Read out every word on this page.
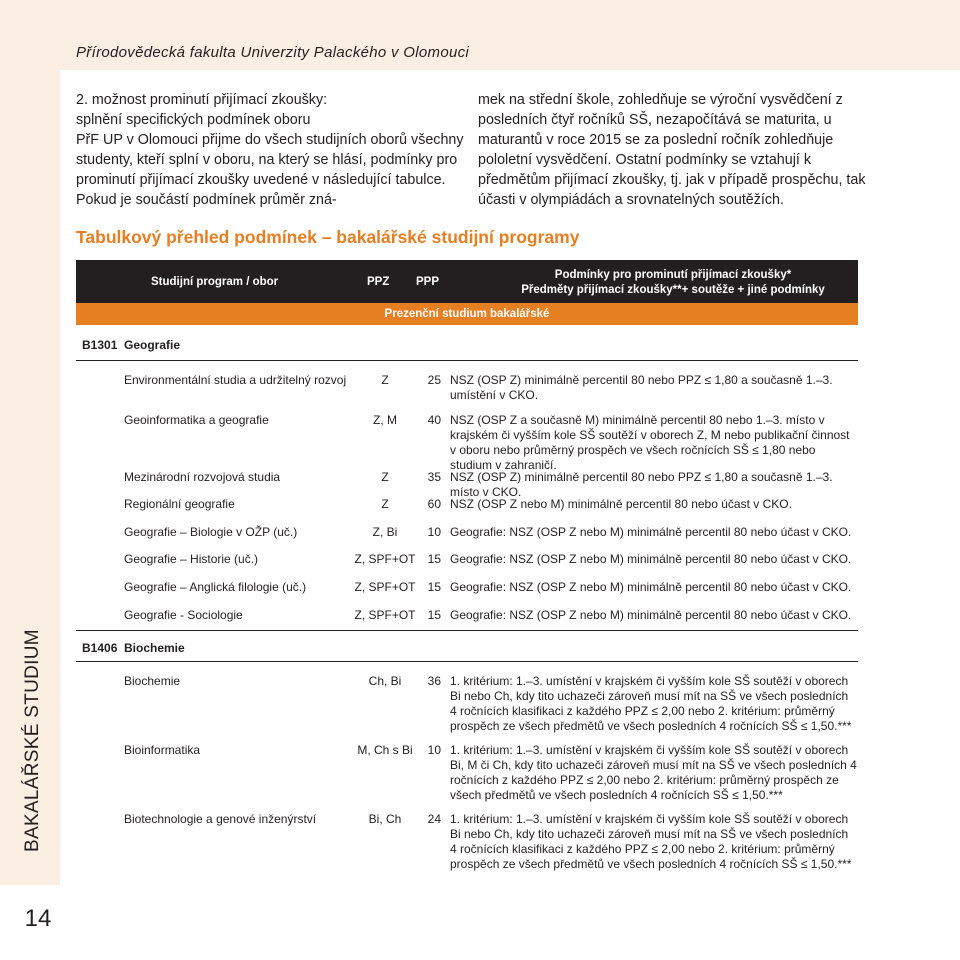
Přírodovědecká fakulta Univerzity Palackého v Olomouci
BAKALÁŘSKÉ STUDIUM
14
2. možnost prominutí přijímací zkoušky:
splnění specifických podmínek oboru
PřF UP v Olomouci přijme do všech studijních oborů všechny studenty, kteří splní v oboru, na který se hlásí, podmínky pro prominutí přijímací zkoušky uvedené v následující tabulce. Pokud je součástí podmínek průměr zná-
mek na střední škole, zohledňuje se výroční vysvědčení z posledních čtyř ročníků SŠ, nezapočítává se maturita, u maturantů v roce 2015 se za poslední ročník zohledňuje pololetní vysvědčení. Ostatní podmínky se vztahují k předmětům přijímací zkoušky, tj. jak v případě prospěchu, tak účasti v olympiádách a srovnatelných soutěžích.
Tabulkový přehled podmínek – bakalářské studijní programy
Studijní program / obor	PPZ PPP
Podmínky pro prominutí přijímací zkoušky*
Předměty přijímací zkoušky**+ soutěže + jiné podmínky
Prezenční studium bakalářské
B1301 Geografie
Environmentální studia a udržitelný rozvoj	Z	25 NSZ (OSP Z) minimálně percentil 80 nebo PPZ ≤ 1,80 a současně 1.–3. umístění v CKO.
Geoinformatika a geografie	Z, M	40 NSZ (OSP Z a současně M) minimálně percentil 80 nebo 1.–3. místo v krajském či vyšším kole SŠ soutěží v oborech Z, M nebo publikační činnost v oboru nebo průměrný prospěch ve všech ročnících SŠ ≤ 1,80 nebo studium v zahraničí.
Mezinárodní rozvojová studia	Z	35 NSZ (OSP Z) minimálně percentil 80 nebo PPZ ≤ 1,80 a současně 1.–3. místo v CKO.
Regionální geografie	Z	60 NSZ (OSP Z nebo M) minimálně percentil 80 nebo účast v CKO.
Geografie – Biologie v OŽP (uč.)	Z, Bi	10 Geografie: NSZ (OSP Z nebo M) minimálně percentil 80 nebo účast v CKO.
Geografie – Historie (uč.)	Z, SPF+OT	15 Geografie: NSZ (OSP Z nebo M) minimálně percentil 80 nebo účast v CKO.
Geografie – Anglická filologie (uč.)	Z, SPF+OT	15 Geografie: NSZ (OSP Z nebo M) minimálně percentil 80 nebo účast v CKO.
Geografie - Sociologie	Z, SPF+OT	15 Geografie: NSZ (OSP Z nebo M) minimálně percentil 80 nebo účast v CKO.
B1406 Biochemie
Biochemie	Ch, Bi	36 1. kritérium: 1.–3. umístění v krajském či vyšším kole SŠ soutěží v oborech Bi nebo Ch, kdy tito uchazeči zároveň musí mít na SŠ ve všech posledních 4 ročnících klasifikaci z každého PPZ ≤ 2,00 nebo 2. kritérium: průměrný prospěch ze všech předmětů ve všech posledních 4 ročnících SŠ ≤ 1,50.***
Bioinformatika	M, Ch s Bi	10 1. kritérium: 1.–3. umístění v krajském či vyšším kole SŠ soutěží v oborech Bi, M či Ch, kdy tito uchazeči zároveň musí mít na SŠ ve všech posledních 4 ročnících z každého PPZ ≤ 2,00 nebo 2. kritérium: průměrný prospěch ze všech předmětů ve všech posledních 4 ročnících SŠ ≤ 1,50.***
Biotechnologie a genové inženýrství	Bi, Ch	24 1. kritérium: 1.–3. umístění v krajském či vyšším kole SŠ soutěží v oborech Bi nebo Ch, kdy tito uchazeči zároveň musí mít na SŠ ve všech posledních 4 ročnících klasifikaci z každého PPZ ≤ 2,00 nebo 2. kritérium: průměrný prospěch ze všech předmětů ve všech posledních 4 ročnících SŠ ≤ 1,50.***
